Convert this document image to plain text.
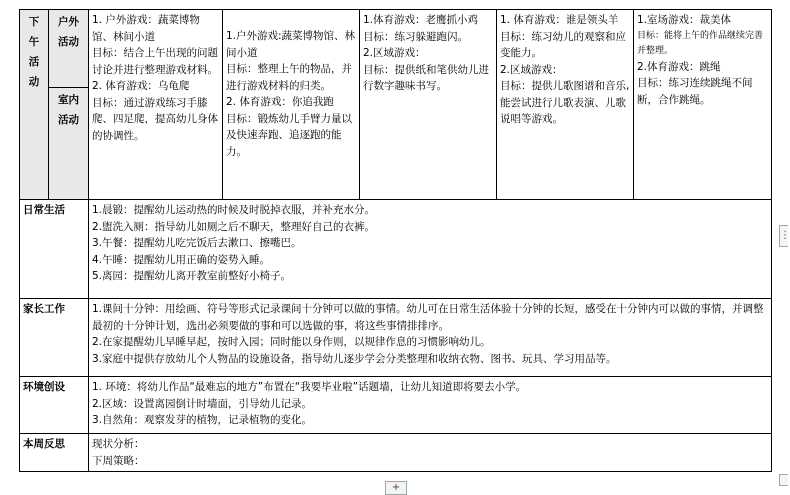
下午活动	户外活动	1. 户外游戏：蔬菜博物馆、林间小道
目标：结合上午出现的问题讨论并进行整理游戏材料。
2. 体育游戏：乌龟爬
目标：通过游戏练习手膝爬、四足爬，提高幼儿身体的协调性。	1.户外游戏:蔬菜博物馆、林间小道
目标：整理上午的物品，并进行游戏材料的归类。
2. 体育游戏：你追我跑
目标：锻炼幼儿手臂力量以及快速奔跑、追逐跑的能力。	1.体育游戏：老鹰抓小鸡
目标：练习躲避跑闪。
2.区域游戏：
目标：提供纸和笔供幼儿进行数字趣味书写。	1. 体育游戏：谁是领头羊
目标：练习幼儿的观察和应变能力。
2.区域游戏：
目标：提供儿歌图谱和音乐,能尝试进行儿歌表演、儿歌说唱等游戏。	1.室场游戏：裁美体
目标：能将上午的作品继续完善并整理。
2.体育游戏：跳绳
目标：练习连续跳绳不间断，合作跳绳。

	室内活动					
日常生活		1.晨锻：提醒幼儿运动热的时候及时脱掉衣服，并补充水分。
2.盥洗入厕：指导幼儿如厕之后不聊天，整理好自己的衣裤。
3.午餐：提醒幼儿吃完饭后去漱口、擦嘴巴。
4.午睡：提醒幼儿用正确的姿势入睡。
5.离园：提醒幼儿离开教室前整好小椅子。				

家长工作		1.课间十分钟：用绘画、符号等形式记录课间十分钟可以做的事情。幼儿可在日常生活体验十分钟的长短，感受在十分钟内可以做的事情，并调整最初的十分钟计划，选出必须要做的事和可以选做的事，将这些事情排排序。
2.在家提醒幼儿早睡早起，按时入园；同时能以身作则，以规律作息的习惯影响幼儿。
3.家庭中提供存放幼儿个人物品的设施设备，指导幼儿逐步学会分类整理和收纳衣物、图书、玩具、学习用品等。				

环境创设		1. 环境：将幼儿作品“最难忘的地方”布置在“我要毕业啦”话题墙，让幼儿知道即将要去小学。
2.区域：设置离园倒计时墙面，引导幼儿记录。
3.自然角：观察发芽的植物，记录植物的变化。				

本周反思		现状分析：
下周策略：				
⋮
+
